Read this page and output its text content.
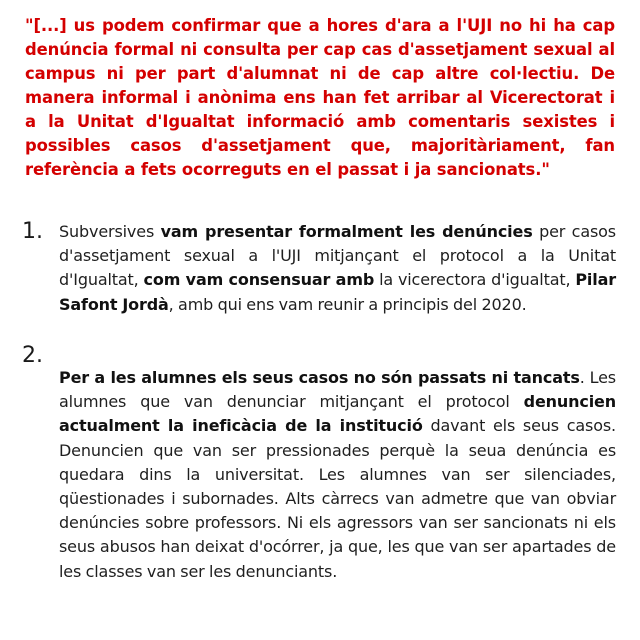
"[...] us podem confirmar que a hores d'ara a l'UJI no hi ha cap denúncia formal ni consulta per cap cas d'assetjament sexual al campus ni per part d'alumnat ni de cap altre col·lectiu. De manera informal i anònima ens han fet arribar al Vicerectorat i a la Unitat d'Igualtat informació amb comentaris sexistes i possibles casos d'assetjament que, majoritàriament, fan referència a fets ocorreguts en el passat i ja sancionats."

1. Subversives vam presentar formalment les denúncies per casos d'assetjament sexual a l'UJI mitjançant el protocol a la Unitat d'Igualtat, com vam consensuar amb la vicerectora d'igualtat, Pilar Safont Jordà, amb qui ens vam reunir a principis del 2020.
2.
Per a les alumnes els seus casos no són passats ni tancats. Les alumnes que van denunciar mitjançant el protocol denuncien actualment la ineficàcia de la institució davant els seus casos. Denuncien que van ser pressionades perquè la seua denúncia es quedara dins la universitat. Les alumnes van ser silenciades, qüestionades i subornades. Alts càrrecs van admetre que van obviar denúncies sobre professors. Ni els agressors van ser sancionats ni els seus abusos han deixat d'ocórrer, ja que, les que van ser apartades de les classes van ser les denunciants.
